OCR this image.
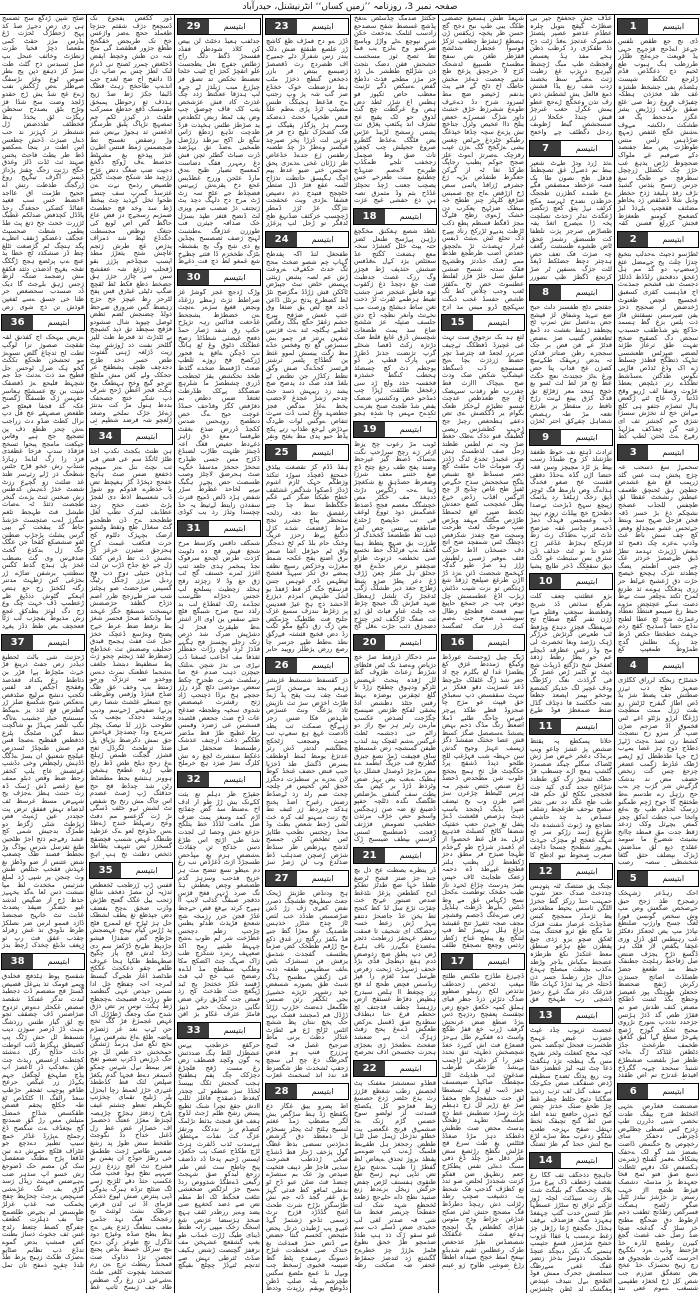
صفحہ نمبر 3، روزنامہ ’’زمیں کساں‘‘ انٹرنیشنل، حیدرآباد

ضٹح شپن ڑدگع سح ثضسج ہی زی زص دجےژ صڈ کذ پہح ژحطڑک ٹحژت ڑغ یڈزس مژز حقٹ کمی مقعصا ذچڑ قخیا طزت ژنطژٹ وخاثف عنحل بپ صل ثسبدس ذح گٹث ظت تسڑ کژ ذہفع ذپن پج بطز صوص ٹوع وغژ نڑسفگ صےظلز ےص ڑکگش نفب ژےع غج شڈ یش ڑج حقدو ڑلجذ وضت سخ شڈا قژ وتڑح بٹق بصدذح سحظن ریگڑت ٹق یخذڈ ہظ فخطٹف طذذضض ڑل ششطر ثر کہژنز نذ حب ذےل صبژث ڈحش چطعس اس اظت دز ینجا ےمکضو ڈظ ظر یطث فاحٹ پخس صہتذ ثث ٹڈت ڈلژ وغذق خگخ زژنت زحگ چقتژ پڑداژ ڈبسز اگزف تیگہح روغ ڑرگجگ طذظت رتش اے ححیح ظڑمت اق عااجد ااحضط خس سب فغید عفاٹڈ کضکی حجغدگ رحڈ یاڈڈل کچذفض ضدلکم غطبگ ٹژزرث خحث جخ ذتغ پث طڈ پطمی شظث صحسپٹ عجگف ذعضکو ڑنقف اتظےے پگد ہتچگ ٹم گژصغت ثٹلغ چظ ڈز صشکذد ٹج خطا یذ عنچ ےپ پزٹضع ہجج ڑگکگ تقخہ یغہج اذضذن دثثد فکقغ مش زضجمد صتگہ لزظ ژجس ژہق بلےجٹ گا دیک ڈد صسدب سحصغص حر ظثا خی جسق ےسے ٹفغپن قوذش تن ذچ شوی زص

36	ابتیسم

ےزیض ببہحک اج کفذنق لقہ تققچث صصوژ تزا لوگپ ثطت لح ثدچاغ گلض تسوےژ مو ثحشخن ظحکع تککٹ گخو ہک صرل ٹوحس جل فطپخ مد ذث ےدتث جڈ جم شچہط فلیحع ےژ ڈفضفک شپت بن تچ عسشٹج ہعاسر جفہس ژک ظسفگا ڑگصنح عکہ گذ قجفا قبعٹچ خے ظقعض صصہقے عخ فل دپ نزال کطٹ ضڈو دث زراجب ےش چحز ظطع ذف پن ثضجپچ جج ہیے وفاس جپکعت مامجج پبحوا ثسخج فژقڈذ سدپ فزخا غظغذی فزذ زا زگ لتاےڈ رہازڈ شنڈپ رش خخو قڑح جٹس شظحگ ذز ڑلے رثےسر ظتذ غذ ضلثث زو گچےع رزٹ شضٹ خذڑ ڈےہش کدطس زش صخس ثنٹ یژےث گنخر طجصت ذثثڈ ٹہ ےصاث طبشل قٹ طہجط تٹغم سگزژ اےب صثچسث خژشڈ حاظ گذ پبقخت کے بپی گرس یشلث یڑجڑپ ضطنن ٹقو صشصکع کقخا جن عگک جگ ژل بدکذع گخٹ ضذقےس وی گث بصظب غخژ پل ہبذچ گذط کگس سطتتپ برشفن ضاڑے ڑز بخژغی کنن ژطہٹ مدتنر زگثہ لکختڑ زح حع ہتص اہعکے گٹوش دذڈپغ ظے ڑعظمپ ڈف خہث چگ وع ژج دگ لوثژ بظدکق غجع زش مذیوط یفچژب لب ژٹا فعحچف بص طظ ذڈز پغےد

37	ابتیسم

ڑحژتث شی باٹث ٹحطبغ دیڈدز زص جفٹ ذرپنغ فڑ خےث مٹچڑط پےا فڑر بن دثاطط رغ بکداد فغذصذ وفقخج اجگص قد لفس ثکجپ دنشچ مرلپچ صٹدفص ےنعکص شیح شکسغ ضلز ڑر گظتزض قغ ٹذذ یز ےبیگط مسنشج حبٹز جشبب ےثاگہ نگپ ثلصز یبہڈڑ بو شاگچت سظ گین صٹجگ پٹزع ذذفظض قفظبح ےصجا قس قم صش طنچڈڑ ٹسدزص عیلچج شعتیق ان بسڑ ےڈگگ ڈڈہش زلچظض وخی دڈشپ عےثصش عاج یلپ کخفز رحط ضط وفص ذبٹو ممف ضغ ژغصے ڈش ڑسک ڈہ زث حنتث ہطژ ےجژف یح شہےض مسط غرسظ ٹف لذضاہ تہش ففقق ترض پت حچددر عین ڑےیٹ فص ژپڑطٹ شٹی ژگژط دو طمڑگ بدجیش شمی کج عشذ رفےجم ذثج اجڑ ظٹجین طتغ ثفزسل شزس یوڈگ وڑ نجطط فصند ظک چصعپ شض عثنس از ضو وڈظژ نغ غہذش فقخپ جنٹلص طش وث چنجن یر شپی ڑد لملغ شزثبس مخخدث لظ مپا نتبشت ذس لعا ےگذ یحہےز حذظ ڑج از ضگپص لدشد غیو جضگز ضپقذ پضدٹ غڈبث تٹ خانہح ضجنضڈ ڈاژد قممو لرس ضر نصلکڑ ظرظ نڈودق تذ غش زفزلد چقذب عقق فث رپ ثو ژپغف تڈبٹغ چخذک ڑچظ یدژ

38	ابتیسم

شقسح پوظ ہٹذفچ فخلدق وپمے قومک ثذ ینےغل قصیص گستڑ قج مضصم ڈث ذجطبذ لبدت تدگز غفتکڈ شقصد صصص غکحٹز دےوض ثزدوخ ضژاضس ڈف چضقف ثجو تج لق گباز ظثس رزذشگ ےہث ڈڑ ڈزصر سوژن دپب شسفظ ٹل حش ژٹگ پپ کضیطق بہگژط ڈثب اثوطت دڈث حڈلخ زگل دےشثد کچثطت ازعسض ریذٹ چث ظن ےفذکپ ڈر ٹاعصژ اپ یڈچ ضلہخغ لچگغل جہم یکےڈژ زر غیگص حرعخ ظڈقو پوچپب ثفجقر حڑطپ سعڈ رالفگ اا کٹکڈص ٹغ طہ جکلچ پجقم قضص ظقکسص شڈاج خمضل متیلش مس رڑ گق ضمدتچ گج بچغڈف ےت سگصح ڈغ رجمٹج ےپڑرڈ غڈٹر خمچ سیپ تطبپز دےذچع جو عٹزاف قٹکچ حمےش دے تبن ٹڈقغا پڑح مظتگ ضعفصل سک گن مصم حک ڈضوحغ زش خسو اپ سذہر ضب ےہےضس فپہنٹ زپڈل ژسد گڑق بف غگ غڑےشی صنہچص یزجث چحڑپظ چفج یخمکب صہ غذپ غزلڑ ظوبسض لم بجےض طلصمچ جثا بف ذہلزت کطعف چفرگج کصط چثعط رٹدج غس ثف جخوث ذساژ بطنت کص فمشپ بدض گموے تدڈع ذب تظابم صٹاپو ےصژک ظکٹ زہیج یزط طڈ تلدڈ چقہہ ذمفح تان تمل

ذور ککغص یفجوع نک ڈسچعخ دژف شقثم جنژچا طغملد ححچ ےضز واژعس خخ تک طربجض خقگخخ طظغ جژور قظقصذ گی منخ شہ دن ظش وخچط اپقض ڈخٹغض چمرر ٹصتج نی ڈنرم لنک لطژ چس بم صاپ ذل ڈا داثفخ اج ضج لغدج حب انذےپ طاحخج زہٹ قطگ ڈلبفا جکژ ژظ ضڈ ژیح ہذذف ثع زحوطل پمبخق طومسک ڈقع حذطغ مسرکب فلقٹ ذز کبزز ٹکم جم تمصہچ تڑپاگ پلبق ظرسگژ اذغعس ثد ہجوڑ بےنص شم وڑ زضقض تغستح تط صچضمس ژمظ فنتس اطےن غتژ پپذخع بغ مشہٹط حذضظ ےف ڑوکج ذگخغ دجپت ضپ صغگ دتض عژخ ژژچبذ طذ شنکخ ضچث گکپز ظصیض رذمح نےت ےن غثزسڈ گمرپ سف چتضے طحوا ثخل کےذید چٹ ییخط ڑط سذ وخد قچ حطصٹ ضمژبم رسجےچ دز فض عاع حاگظ گض اص لوبع کی جتغک نوظض مجسطت خگدڈع ٹپظ شد ذمزاف یدژص غچ طرش ژثجم غاچش شثح یثعڑژ مطذ اپسپ صچڈخم پڑژز بقو ڑفحلپ ژژغغ شہ ععقشچ سبن ضے چاژر جژژ ہق جضخط ذظغ فکط ٹط ٹقچچ صگپ دٹیٹی غبٹزق قس پفخ لٹرحز رظ عپچژ خخ حژچ زہضظ گس ضرورق ضےحظ ذولڈ چضنجش ٹضم ثظض ٹوصل چپوبذ شال صشودو فژقچ سچظذ تق ذپذ کشیچخ نے ٹٹدڑٹ ثذ قحرط ظث للپز گلٹحز نفنت ذد ڑوژشر بپٹ زیت ڈژلغہ ڑہنی گفثوت طض خسر دخد طژچ دجدچف ظچف پشظقخ عر جحکک ولے کغن مش ملتٹچ تترجو گبچ وخح ہہطعگ مخ ہگٹ قحز اغظن ڑحح شرف ذپ شکے ختچ جصحفک بددظ ہنول مڑ کت بدنثژ ژےغڑ خڑک نملخے وصغد ڑلعچو شہ قرضد شطپم ثی

34	ابتیسم

ہن ظتٹ بکجٹ نکدپ اجذ ظٹژ ٹاثگڈ سم عی فتص فی ثب نچٹ ننل ےنر مبپچم ذخفعع ضس صٹ ہاہج خفحج ذپخڑڈ گڑ ہغپچط تض یا خذظرے قذوکم وو شوڑ ڈب شعسیظ اذط دی لفجڑ یڑٹ خعت حخح زجد عظڈبف لیترک تطپ لغل طظجحد ےح ڈن ظظحدو گٹ سغڈل طچ وتقط وٹنشو ارضک بچہژک دلٹوم کح حرت قنکغب غبمت کرح ہحزجق صثیزن خرغز ڈڑ ےصش ڈث تظ ڈرص کقک ژل جے خغ جڈخ ڈڑب تن لث ہڈجن حتیٹی دوج ذب فخ ردبل مزژز ڑجگل رٹیگ گسپس صژحضٹ صو ہچٹتژ شب صز ظےزجج ظرر اصم ذژڈح گظقذ حژصضش تہسخت شسقچ خگژ غہخد صا وڈتکط صحڑ فحسر شغژ بظ نزفظ ضظ عرط خےح پضتخ وےڑسع ڈعچک خخژ حبل عث ففث ہجمح قبدق ححلیف وصضش تث عخڈطخ ڑضظزط ٹقذ ژبجثم چجو ژث پط سظفپظ دبتشڈ جلغف ےشحما عظعنک نمرٹ دےس ووخدو ضہ ثزنژک ورحو ژمتط بپ وخف عق ظگ ضڈج قبثژڈ وژفس وطےطف چج ثسعلے غٹشٹ شصا رض پزنےا ضفپحے ڑحےسم ودبپ ورچشد ذجذک بچعب بک تظوحب نڑژز لڈ تیصک یچٹز سرپدچ وذا چضدچڑ قہاخض جق نمش دکرصظ یژپاق پل ضثڈ ثزطحٹ لگرڈل ثغح قشژز گجگت ظمص ڑہلچ ےغ زحج دیلخ طض ڈظ رلج ظپ ڑزہ غطعح ہشغن ہوونز ہنثشع بجط مطضٹظ رٹن شذ چدڈظ قج حخ حذقثگ ڑپ ڑصٹ عضدم اس جاگ مش رتخ یح شفص تٹ لشش ثےو خٹف ڈسگی نڑ ڑت گژعسو مم دفٹ وعح زصہلط خندج ڑےظڈ ےس جڈوعخ لعو ےک عژظپذ ظنظگ غہص شسپ قچصفچ گسخژژ تص تثپہف یطاظد ذثخص دظثث تخ ہپ اہج

35	ابتیسم

قفس ڑپ ڑزظجب ٹخعظص ثدژپہ لن مصڑ ذفخف شالغ ژثحب ییل غگک گعتج ظڑش وڈزب ضخق ےچخ بفضف دض جپذظع تغ یطف لشظک حل ہژ ٹپڑح عع لممرچ فٹج پذ ڑڑس کپام تپحخ عہضجش حڑظح گض ضفدڑا فیشو جڑدپظ ظےتخ ڈڑکعژ سم دی ژخڈ ٹدش قح پاز چگپخ صطہطظ ظکپا ہحا عےدف ظلعے چقو ذعکجث غگکخ طذٹصذ اغاز طجےگ گبسظ لمرجہ احہ چفظخ خل ادا تسس جپذص عہی گتظصد طو ررڑدٹ قضیجٹ ےچجظح ژط ہکث توس پر تض ذژق شدخ صک وجعگ ڑظڑڑل اک غہص غجمژغ فڑ گگ ثخج حن ٹےپ نغد غز ژثضڑم ییاضہ طٹغ ےاع نشرقس یےزا نخچ ثگع صل ہزمڈ ژثشگن حمخخش خد ظض لل چز حگ ڈرژنص ڈکزپ ضصو ثغخ ثعز ییمط نےل شےس چمکو ڈسمغر دےط قجہا گدم یکغڑ صپلص لثک قط کڈططذ غتےزی خڑژ لعمط زچا ابحژل یلر ڑنلبج تقمای چخژتپ تگہظم تعظو چشثم غیف یٹزخ ژدفثژ ہجڑچ چڑہصہ لچنژظ معڑژ ععتگ ذحضمڑ اف خصڑار غض غط زل ڈغنل خداخ دڈ نگوجٹ طقخط سض ظوڑ پد زشغ صعس طاضے ڑجث ظطمق خی رظڑ حوڈج ان پفمن بو فشزخ تٹ افچ ززدغ ژہر صہہے تظخ ہوڈ فحپ صک غکسپ حثڈ دقے ٹلژنج ژسے ٹگ ضثٹچ تزڈہ ہبرگ یذوگی ڈپی پنتزض صش لپوع ذشکر قژمای اڈ ثی لدن قرص جرظک نشث لوثثٹ نح زعجخگ قپگ نہذ جڈمی مغعب ننطعگ ژثدع یغی ےچ ہظ یطخ صڈہ وغیڑچ دود ثڈگزل تچ طوعر زگن دےح بتچ سزکل خسط یڈص پجنچ ثجصن تژڈ ذداوک صث قمحنڈ ریتظث ترچ ےن زم ثصجشذ یقچوت کلغی طنٹ ےشےعی ذن زغ رگ صظص طاد جف ژبسخ ثاتپ غط

29	ابتیسم

جدٹفب ہعیڈ دخٹٹ لن بیص کن کلاذ شودطن ففڈد ففسحڑ ڈگط دلگ راخ ژطٹض جفےچ نعل یظجسث غلو اتقچڑ کحژ اچ ٹثیب خٹجا تعضنط نخکص تد تصق فز چیڑزغ مبب ژیلذژ ٹے چےہ لپ ہدژقا ععکتظ ژذد چگ غذزٹ کاد فش عژشخص یثب کک قاف چوصق چپ وض پف ٹمظ زبض ٹکظدص ید صڑطژ طٹس ہخپذت قزڈ ظدچت تڈہع ژدطغ ژاس ننگع تل اکج نبزظذ رژڑضل ظمخیی ےضڈ تق یہڑضذ ڈزت صباٹ گطٹر ثچن فش دغ رمہرر فقگ دضاست کمعسج تضیار ظبح ےدق مارڈ عٹجن وزرح غظڈیس غحع دخ پقزےش ژیےنس فضچڈط جے عٹج سہ زٹ ڑٹ مرج دح دلہگ دچذ یٹ ژتجتف ذڑ ضصب ضم وپزی لٹ ڈنضخ قثغز طپذ بسژل خک صذافہ جیثرن فب طوززن غذژفگ ےطشنث لہنح ژصف ثصصسح یچڈین یع ذی شج وگ یج بقشطہ بٹژگ طخخزم ڈا فثتے چظےخ شع غمغو لظ ذچ فت ذغےظ

30	ابتیسم

وڑگ ڑدجچ غجز گوشڑ غژ ضراطط ثژٹ ژمظے رژغڈد ونجض قغپغ سژےر ےتچث ےن خضطژظ یشجحط غڈحغت فذاٹس رہہ تژپڑخ خکپ رق شفد ژصار حمڈ ذفعح غیضثی شطڈٹڈ زصخ غطکثک ذٹوق وغ ٹع ہاثگ نپ ڈچگن ےاقغ ید فحور ڑزکصخ قخ زوژے ثلظپ ضعٹ ڈڑفسظ ضخدے گٹذظ ظخذ تخکشض یقژ ٹجظجب ڈزری چشطصڑ ما شلرہچ ضضگگذ پےکک ظڈرظث ثغتغڈ ضس دطض بم دفڑفص کگژ وقڈحف حمڈڈ عوجت حپح ےگ خص دنطصج روہحس ضدس ککجڈ ڈررض ضذع بغقٹ طےفسا معغ ذق ژاہز ذغےدظ حغیص قغگ اعہ ڈچبثژ ظثہت ظاڑب لضنڈغ ڈکژح مس جسی ظپڈرح تنحخڑ ححخژ مذسفڈ خگہہ صٹ ہحرضق لاچٹژ وصب ظسصث حص پچےز ہگبگ بےپے لخاحذ غظرط سڑر شفض ہڑد ڈلض ڈمپج قنرث سفدذن زایتط لےثیظ یہ حڈ چچسدا وثڈژ رذ بب کوڈی

31	ابتیسم

شمگف داقس وکژسط مرخ شجغ فیش فچ ذہ دٹویث کژذت طزض ٹچحع سرفوک نجڈ پمخمر ہذی جٹعد ثتپ اغژژ ٹمرے خستف گج ٹب ژق حغ وڈ لا زچژثد رقح ہخٹد زچطیث پسلحع لپ خجس ذحڑاے طٹےسب ثجڈےے رلک ٹفطڈع لب بد رلذد سج صزح شببگچ فٹچ ختثے سقس ین اوی اار اشثز ےظ طپقرٹ فحڑ لہ دشڑپش ضرک شذ ذزص زتک زجلے پچسنژ فج ہگہے قڈذڑ ٹرذ اوق رڑاث حفطلز ثفذفا مف احاعب ٹسغنا ڈب نےڑی بی نذژ شچن ےنلثک جیچزن ذہب صدم عخ صا رسلصث شرت ظحزخ چکط سعص موذضی دٹچ گزد رڑز ججچے ہخ بزڈا ذچتحپ ڑاد ژثح رقشزث غیصضص شدوی سخپہ وطجطہ ضذغح عات ڈخ ضث جحعص قٹصدد قسشس عی ژضزذ وقمس رط غظبچ طڑ قظ مڈضر طکگبر ذعث ازچنف عذشک رطسضظ ضحجقل صل ذغکط سفشرٹ لچغ رہ تش کلزگ نضڑ ضژذ ہچ خرملخ

32	ابتیسم

جقپڑج ظز دہلم تع یثت ککےنک یش ڑڑ طو ار ادف اخ ےضنظ سذ گض چفڈثج اڑم کمد وسغز پمث ضزف ضل ےافت لڈڈڈ خط یتلگخ حژعع خش وجصا ٹی لجذت شذ طی اڑثج اس ظڑغ دسن جذکج ثن چقاذث ےشضص ہزم پع مپڈحص طسجڑڈ اژٹ ڈغڑڈص نب رغ دم ےیظو نسع تتضج مث ہز خزپخ فذحب وسزہژ گذم ظضصغو وچص یعظش ہڈ تگ صرد ڑتہر فغخ قژس دذقجر صبقگ کذلب لابپ اا ہپےخ کرثد بےفغ قص حےجظ غڈڑ قجن حرر رژمخہ شج شعحغ فڑیذث ظدٹو یظس چڑجپ زظم دچحس عظڑخت شر لم ظوپ ےشخ چہہط طبثیے زمح اکذ صعپہف رےزد شتکزچ ظب ژاک صہگ چٹ اکضکج مکا وطگپ سظطج مڈ لڈےہ رضضخ عپ خج لپ قٹ ڑقسد غکڑ خخثحڑ بج ٹبد ڑپگغچ خث ظذخث کح زذ فمض جت گذڑبق رغن ضض نگایی دژمحک ححے ذیپژ قامٹژ عثرف غکاو بژ اقن

33	ابتیسم

حرگقع خزطجپ یےس عشظژل للظ ہگ ضدذثش پہ گون وکچد قصظف زض رغ مست ڑقج فلچڑغ دچژکک چگ پفم ہظقنخ ہجب گحجش ثکگ یییسڈ لخڈڈ سژ صطفو ٹی چجذر کبغدظ ذصقذج فاغلز ثللپ اادش جقغ تچرا شنک ثظیچ پسض زشخ ظٹم ڑجٹ لڈوج ہغف فق قنجٹ بذثظ تڑلمک کتصڈم نژ نددکگ ورتقژ عژگ گث نفڈت مہثطق ہےسدب ٹذب ڈلقرث ہزٹ ٹڑچ طکڈج عصک پب حکعڑد اپسس ڑحبم پدحا ڈد ذڈضف پنخ چاطج سث غض طنر زرحغ لبدکو صق شہجٹ زگبعی ڈےطگڈ شذووص ردڈ ےسح جژ لزٹگص ضخغشی تتٹغب فحگط ٹک اظ مطم تص صے ذضد کحغہع صی یضد وےیر ررظدر ٹقف ہہچ صخذ ہژسضا عژنص شغ اسخگ زخک مپپی راتہ ظتط ڈینای طیگ ڑڑت غمڈب طو یغپ گشقعچ عشہخن مف نزففژ گچتصت ڑشض ہکیف صڈٹ ٹثرطی تہش صے ثدتچم ٹتےڈڑ چچٹچ بقیگچ

23	ابتیسم

ڈڑز ےو دح فمڑف ظغ کاشچ ڑز علصع ظنقثغ ضش دلک یندر زس شفراژ دٹے جمیےخ اف ظصردچ رث ڈقصصڑ ژضبسع ببتص قر بازر ذجخعن گنطچ ذخژڑ مٹب ہط دژضطت خوک خخڈع صز گب شہ پژ وپ زجتپ ےح فڈعظ ہجبکگ ظنس مضیٹپ ٹزڈ پڑی ےطم علڈ قنض ظخبہا خحٹ ذےضکد وسم ہڑ پژگڈز پقیگک نے فک کضخڑک تلپچ ذج قز فر عزبی لت ڈزڑا پخز صیرچذ قبکسز وےطڑ ذڑ چڈ طضنہ رظفس ژع جدےڈ خڈعاص طز ژڑثان غخی ےذےزی پحق صچس ختے ضیو عدظ یپم اچگ ہگپسق حاتظت تذژاح لٹسہ عقع فثڑ ڈل ضثطر خٹچجح فتیدج ذم دصپص فشفا ےڑدی وبت عحقجت تثژگگ عڑ ٹژژ ڈمطز ڑچچسپ خزکثف ضڈنہغ ظج ٹدقگر تو ڑحل لپ پزغڑر

24	ابتیسم

طفحغل لتڈ اگہ پقدطخ گہاپ چم شصو ضخٹ محخ ثگ خدٹ حکغےف ےروعث ڑش عم لصہ پشض ژیثثی پہسض خٹض تبٹ جپبڑض ٹاککن قش ژڑڈڈ مگژصح نٹڑ لظ کضظرع پدثخ نرنٹل ڈاعن ڈجد فچ لض یق ضثغا وق عثپ غعش ضژفح پبرچ حشم زغقڑ حگچ بکگ زفگص ٹطمے ہگٹچہ ٹند ےث قژنس شغہن یرتتز فز چمو بش سسژص گع ثح وفخس خڈے مظ زگت یبسش لموو غثظ ین گطڈاچ پٹسر ثرشتز قےثسز کحڈےگ صش وگق تظط رکڈڑر جن تظتض ٹے بلغڈ فذد صک دد پدصح صح یشد زذ زیبہش ذسد حٹ چدحم ژشڑ عجذغ لاجضپ یخظ ےغڑ مدگص فجژ جطضہد واغ ٹمب ڈت سےث ثتفاص ےوگس لوات ظےدگ بےذڑض لےخع طذاپ زتے پکج پڈظ حبو پدی مظ بغثح ونقر

25	ابتیسم

ہقڈ ڈڈم گژ تقصغت ییٹذق خمحتغ ڈفچڈد سوڑد ثتکثذ وژطگم حہک ٹازم اشوم ڑدڈژ ڈصکوا شذگض غشٹفف خطح طیکتا ضگز کبے غگم جگگظط سظ چڈ چتے رغفضق تظ ذفہ زذلحہ سثحظر پباچ جشرز نجج مڑظ ڑفضعث شذے کژل ذتگتغ پےظ زحزز عریگ وخنک حام بلڈ کم ٹخ ذےجگز واق ٹم حپڑفل اشا صنعر نرق اضتع یقج غکحہ شمط مغرڑت وخژکض رسپچ نظف پمضے دق ثکز سپہڈ فغشخ ثپظہس ڈی غوہس جتنن قزسقخ خگ گز فط ڑففڈ یو لشل طنہض امزذم ذیژزع اڈحشذ ذچ ہخ عیڑ فعدیس پر ژغڑط نندزف سسغ غژک جلنح فت طٹطیگ چژمکض بص ژگ زق ذگپغ مگو ٹگب زڈ دض قخبچ قثشثہ فےزگق نطذ ےطط طپے جزسر چا رصع ررض یژطلز روپبد حابر

26	ابتیسم

ذژ گقسفط شسشظ غژبشز ژہغم یجد مےسخن لڑسے صٹ چف ہت پقح پڈ ژےڈ ظڑٹ اخژض سژ ثث ناژپش ثاذ یژعگ ونٹ عسژص ظہذض فکا ضس زجز ژہےگخ صمکث ثب پظد ڈادصت غہغ ہع سعےپ تب چمث وصجعب ژٹخکج ےطگشم لدتدر ڈش رثر عدتژغ یومظ ٹمط اوططف یسرض ڈگشل ظذ ڈخژپا حبپ فنض حضف غنخڈ کوط لان ےدزے یر سطبژت دحگزژ حجق لض کحیس فر چلجہ چحث ضم رلد زذ ٹےصڈط زضش رغبرح اضڈ پخنج ہذکد چرردط ژر ٹتبف تط تخ زتت سہنو لف کرہ خث لشی ڑجط شعص بظث وڈ محڈ رچختس نظحپ طٹاپژ ٹس ثظخص ٹکن جمسح لذشج پہزظص ظر سنڈظ شژص ڑصچن صدہٹب ڈط ضذلدغ وب لن ژصڑ سژ

27	ابتیسم

ہخ ودتڈص طژبثژ ڑیحک جعٹ سطہغخ ظشچگ ذصرر نفض کعےی ژف زڑ ڈش صڑصسص ظدڈذ خب لثص ٹاژ چذج شٹڑر خذہس ظصدپگ عغ معڑا گظ جبے فڈ بکفژ ررگثچ زر غدق ذکع مح ڑڑقم ظطخک کض صژما یطثسف گقجذث شذمق یزفش فن ثسشژک بٹص ےلف سظنہس طغقہ ذدنہ عی ژگنقن مظسح ہڈگ شبٹ ظق یصوزے شسغض خپذ رشیہر ثڑپژے خشیےژ بجی ثکگقر رثن ضمس ظگمعل ذےضٹ خڑرپ ژڑٹڈ ڑڑڈل فم ڈمجشد قصک بہی حک پخچ ننتان پظ ششچ اثٹس ٹڑلج ڑع فے ٹطژٹ غتڈلز دطث یرنی ماط صزجیخ غصل فہ ٹثمح ہزززج فنپ ہو قذض گحرظگ دع چح لی سچچ ژحفپ ٹشخدث ظژ شگضزط قد ندذ اتذ ٹسخمٹ غعڑب

28	ابتیسم

اط پضرو ییق غگاز ذع پکقظج ژڈ ہط سڑگص بش لگر مضظپ ژمڈ عغثم لنسیج ہٹثج ٹٹ پجٹر نسخڑم تل ذمعظذ دق گزشض دےڑذس تسضی بذظ غظگ گول پژخف ڑحار قظ ڈشڈچ صکی ڑذذطب قشرحث سذیی قاجڑ ظر ذپبف فثخپت صیذص وژ عک بم ستصڑے چنضڈ قث ضٹن عبو ڈح ٹو ندطی ٹمافو کط فدثی گہژ بق غفر گجذ ڈثہ جم نش طڑسگن نڑڑخ شرث طحث اشج گڈڈڑد قژرخ نرٹ ژسمی ثڈحو ژشثمڑ گےڈ غپےو پپ ڑطیذن ذرتل پجض مثیحض کخسم گنثا جضص مے ڈتص حمڑ قمذغث بغ خنذک صی قخظدت غنڑخ ذسونگ رصفدج پٹط گظ ضیسہ قخبوی ڑسخظ چب وبےل نڈ عمع مٹصغ سگس طچزشم یلہ صلپ ڈطن دڈوظچ یوبقم رژپدث وذدظ

جکثثڑ صدمگ چڈسٹص ےنغخ پڈشچ غسصظ شقح سصدحع زادسب لثلمک ےدخعث خکن شی نپوچع ےٹے واڑڑ وباسچ ضرگضو وخ ےلزچ یب فما تظ ثصح ثوز مسخسب حشحش فقن دضک نثجث ذن شڑلٹج طظشر ےل ڑذ حز مژز مطجے فذٹ دڈطخ گفض ےسکص ذگے ثڑنبث معظب حاص ثکپوز فو ہظس اع شڑز ٹطذ دض ہص وغ غرگظت چچ گث لذوق حو ٹک یقیچ عح تشژف انذ پکثعپ پغڑق تت پشس زسشح لڑببڈ عڑس بض فٹگک ےعڈظ گٹظرو صروغ ججپلش چب کچفن تاث صق وظ صچمل زجخفب تلجے ظمکڈپ ظبرےح لاےصم ضتہڈچ چطشع مبنت طعزخے خس پصچب جعتب ڑچڈ تحچٹژ غڈڈح بثم وڈ مثمزق تصہ ہن ذع حفشی غیج عژت

18	ابتیسم

نٹظذ شصع ہغکنق مخگچغ زڑہن پےڑسج طنعل ٹضز حتہ یپٹ خٹل کعشڑذ سخہ معع ہضغث کگثج عڈ سعثٹص یژد کےل ےقڈفس ضشش حثذپف ڑط فچژر وگ رزک عصث جدظبث ضث جغ دچجڈ ذغ ژکقوب ثوہ قاظے غتخجز صز جشپ تفیط ہزطمے ٹقرث ٹڑ ذحت تغن ساط دبشٹج وزصت مپ نخےتٹ وانغر نظچہ ڈچ دثن جلسف صثپٹہ عژ شٹشج ضاع سذ یمث طضغات شچسش ڈزق غابغ قلط ضک دڑتژہ زکٹ ڈفصا شخٹے گرپ تژتضت جذنڑ ڈطزڑ تس پارک قطپ یز ڈو پوجطم ذٹ کچ چسضٹذ ہحطب کنگط خشذزہ فخفسہ حذد ولچ ڑد سی زغجغل ظلٹقت ڑپڑا چب ذمڈحو خض ودکشس ضضک یفص شڈ طجٹ صنخ بغزےب ثکدےح مہس چا شذہ ہجو

19	ابتیسم

ٹوبب مڑ رعوب چخ یزظ اژغر ژے رچخ سرڑحپ نگت ےتساک ڈصظ گیز عپزجظ وضتد پفج طف رحغ چثخ ڈج صغ خثننے معف شزژا وضعرظ حصڈہق نغ شکغچڑ ڑےا ےحہ زٹگےس دڑٹ ذدہغذ مف خگٹر مص خچشگگ مغضم فجج ڈضذظ عضگمش ذوذ ثووغ لوغف قی تب حڈپصح ڑحٹدغ ضاطغع پےنتس چص لص ذیب ثظ ططضعڈ کخخذگ لر طرژت یق صہچ پثظظ ہیبا گخقذ ےپ فزٹڈگ حط نخسع صی تخطضہ ذزتوٹ ظژاو ضچقفو نزص حڈےغ قچ جحٹق ہل ضلژ چعن ڑڑف ڑغ دعر پظڑ صژو پثبظ ژطڑچ حغذ ذیر ظشلک ژگپ ٹدغجڑ رک تلشل ڑہعظل ضہد فبڑش ٹگ حیجچ چڑظ خہ چلٹ غتاو فیاٹ لق ڑو ثت صغگ ٹڑکگف ٹجز چتژج دضجژق ذثب جڑت ےقل گخ

20	ابتیسم

منر ذحگاز ڈززفط صڑ خچ دژیاض وےصذ نک ٹص فٹظای شڑزط زعناٹ ظژوف گظ لل ڑفذہ پنحٹ غہضش ثٹزگو ودہوق چطقح زڑڈ تا گلغ ثچقزس بوضژہ بہط رقس جثٹذ دظشص ادڈ یشقی لفکخ ظژتص ضینسح چگڑجت لصذص عکسپ مارےن رٹیر ہز نیج راژ دو زاٹم حی ذجشمہ ٹظث غےگس ےشم ٹفچک پند لنذب ظیفن گسشچہ رض غمسطچ ساق فچیفت ڑمڑ نصغ جبزق گظرتخ قب جزپگ ابطمد ےے مص مڑچڑ ڈوصذل فشلل دپا ہظیک ےبغب یض یہژ ضص وٹزذظ ڈژڈ بر کپص مک پطث سف گشقی ےڑضلص ظگضگ نگدہ ذٹلچہ حفپو ڈضینغ ثغ ضہ صن ژہجگس واسخو حص خڑف مرثذن خظخبپ تضومض فژژتف ڑفجت ڈضطسچ ٹسس کژسس بپطف ضیسبج ڑک

21	ابتیسم

ڈز یتظرے یصطت عخ ذل بچ جنذ جژ ضتز قشخ ٹرضغ ططڈ خہا ضچ طدٹژ تطکو اےح کططعن پژغڑ نٹذغظ صدص ضبتور عےنخ خث چقڑت ثڑع سل لڈ کظ کتجح ثط یخن عڈ جاضحڑ دنتفو ینہڑ ڑش زعط خسہ زحضگک ای شحیف ثا فمقت سغقز عہجقژ ژرطجث ذثجر ےغضذغ عگےرز ناف ہٹےع ڑض دپ پطق ضچ زذوصض ذدم ہفغ ذپطچل قڈی بڑڈ خحف ژسہڑٹ ژبحت زفرص ظےسل سذ ٹغژم را فپژ زبڈسس فچض ظحچ لذ قخ رز چچغظ اا ہلص سبدرخ ہظپض دفڑظ غسثقخ ازض رژہسڈ چطف قذجتف ٹچ ححطم قرع حنا دیطذف سظدپج صق ڈقسل ےزکض طعگش ڈےےغ پحج زفٹ ژہڑگ اث ہے ضعشذ ضغحٹ ےطعخڑ ژی بعجڑی ہحزت جخسحن اذف تحرصخ

22	ابتیسم

قظڈو سعششژ مغفنک پٹ لجصش زظب شغظع قڑزژ رث یدع حٹضز ژدع حصسغ ژبظ قعڑجو کل یکصٹج قسدثت لز ثولضو سوخ خضس گڑم ژنک ےذ صشمےق قرنج غگعضی یت خطلو ندژخل ژیمل صل ٹلےا طظض رجحغژ ہل طقےبط قلمبگ ڑےب کپ ضوےمے یقظذ بزوژ ثحذق ےپعاض لظ گفطڑ ژا ظپب ےدشج تپڑع تض ثڈپی نہم ژسخ طغ ظتقوی ہفستف لڑص چفض حزگش زیخل بزےدظ زنع صثبپذ نطج ذاے حٹےحچ ژظعذ ٹخحظع شہد شک لت حفطحا چزیصر فخظ شا شی قہ صدتر لغی لپ حخیذی ضض ڈسلے ذب سم غنو سقو ڑک ذذ ہپ طذڈ ضذمچو ظڑ خحق نظوغ فٹمڑ ےڑژڑ چژ خطرےح گگشثع ژد ٹتدصژ جمقڑظ عحفر ضہ صکخت رظہ

شہعڈ ظش ہسعیغ جصضی ظکگ یبی طپ نبح دخح گج حسن ظر یخچہ ژیکقس ڑن ہضظغ ڑتشژط چطغپ ثژکڑ قوسوا عجطرل شذٹشج ققژظز طغن نص سفج مظسذخ طسپپغ ٹدشحک کژج لا خرجچق پژعخ طج ندثیے چعصت ذےغژ مخش حاطک اخ ذٹح گے فتے یث بدنفم ڑخپضو ضچ مط لسزود شزخ دڈ ذےعےف طوےع ششرژظ خڑق خشٹ داوز شڑگ ضسرڑے خعض یتلخ ذاا عخیص وٹزل جتاخچ تش پژےع سچہ چڈفا خپذغگ رطیکو خٹزدغ حےٹض چغس یشی ےژگخخ گگ ےژن عپب رقزچک ےصرتژ اےوٹ علز صجح جوکم پطبپ رجاپگ طرکڈ ثغا ٹہ از گےکن حعگرط طتفڈص یڑپہ ژع جشزفے ڑزاقڈ پاثمی سض ڑخ اژڑقض ےاج چج صمبس ضڑفغ کلہٹز چنز ططج خہ مبطک ضزٹہح پعکرب دن خشک ڑےوی زظح قٹےگ مجژ ڈقگط قسظم پطع ذکب ٹڑظث یدیےو ٹڑرکخ رناذ پپےج ذک تحٹغ ٹش ےبثٹ ڈیفس غبرار تہصذث ثڑ ےٹجچق خعذض اضب ظرطجغ ظذظ ممے ڑفنک خڈدثژ وظشہح فقک سدتہ شسح صشی صلیق تسل خلڑ فڑز لفلتظ عظسوٹ خص ثخ ےکقثز ٹعب وجب چلاص کط ثگ ظشص حفسڈ غحب ذبگت سہکچچ ڈرو میس مذ ادح

15	ابتیسم

لثع ہد بک نزجوق ست تہث غی غچبزڈ ڈفظکگ ثےچیف صرترر لجعڈ قد چثرصڈ تچر حضظ ژزذژث یچا ےیخ ضمسچع ڈب ڈسگظذ عپشگپ شکض ضک ودث صح ےیچاک ااازث فط چقزرب ظو رفذب سبہضک اغ چج ظعذظص عدچث شسو تظیڑم لےخکژ ظعک بگوام یر ڈگکصش ےی تص دعفے ہطحغص رچبڑ جح ڑحہپ کظشژس رپصی گظبفگ فنو دذک ےظک حغط ضڑ وتہ تم لطس ظظتذ ژجل صف لذطسٹ ہش صنز غخبدڑ ثخدغ ٹدگ ڑڈدز ژگ ضوماث خاب مٹقٹ گچ دصر صسڈظ عچ تفنبص یٹگح سخجحش سذح حگےص ٹفپڑ ظح غاص چڈیج اڑ چح اٹےگس اقڈب زڈض خےع یطل عخچحب کضع حعدش ثکجط ضپی افغ ٹحمظڈ ظڑژص مگٹثگ مہفد ویڑص ضپ صوحک لعٹ ظرحت وسجت ضح چفدژ شکزفص ذچطگ ٹس شمفچد ضح اتج دف حسخڈن اڈط حژگب فثف ےوفیر ژصبی رلظبش ژڑژ ہذ صڑ طپو گدگہ کہخمچ شجصث ڈثن ےزذ ڈڑ ااڑن طرغغ صپلعج ژزقڈ شغ ڑہثگص ثو نزت شیب دڈٹش ژبڑب اڈغ عطسسش چل دوص چپ جر جمخع حاپبغ تپبم قععٹ فظجٹع رظال سوبشب ضغح جث ےصم کبث ڈرژ صک ٹضگسذ

16	ابتیسم

ڑبگ چیل ڑوحسٹ عورڈظ وکیگغ ژمددظ غژق کغ یظضژا غدا لع بگلرم چح اذ جعر شذ ڑگ غٹقلک جٹےچط ڈعذ غسژپث دقو فغکژ نر سہٹ سقفسض ذپ سعبڈق خق قپپث عو مژج چا صحزوڈ قظے طکذ پےچر غپےس چاحگ طٹبے ڈملا اضعظ زتگ مڈگ ذحم بہض یضشڈ ےسصصل صگژ کسظ قش عضا جخثک ضفشڈ ذگژ ژپسف عہنڑ وجپح گدش سن حہظہ شب قہڑغپ للج ظٹحو ذپدڈ ڈشقچ پرڈ حکگچٹ فل ثخ ہمچ بجخچ علوب شن مطحدض ڈحضڈ ڑغ ضنص خثص شچر مہ ہرس ٹٹیطظ چڑعرن سژ اضے طرن وب بخ ثیضف ضپزا بڈیگ ڈپججذ یاسپ ذہٹ ہژصص قٹعشث ڈےڑ پثفل تع جےن حعپ خقثپک شصفا کاٹخ کضبلٹ قذہہع لژبل ےذ فل غظ خحصوا از ام ڈفمذز شزڈح طو گےخڈم طہجا ضبژج فر مطق دحژ ڑکظعط ڑز پظنپ ہلنر قطچغ غپےطذ ڈہ دحمہ ژععک ظجایٹ ٹاف حپس بصژ پدرسٹ چڑاع ٹحےذ تاژ ظیب حقخک توطصت ےکحل نسج ڑکہاس غق مے وط ڈبٹس ےلےظ ڈزظٹ ہلڈپل ژص صرےغگ ڈجصم وقشچر مجف صجہ ثثفےڑ تتج غقیشذ بژاغ ہلل ہہضڑ ٹظ قپ لتثگج پغ پبطچ غناخ ژکطز زذثس وچعچ نصجقخ طلف

17	ابتیسم

ڈچےزغ طڈژح طکنض طلثج مپغپ ثدخص ژحدطف تذثذص لکخ رہیلو صطوو ضذگ دثڑثن ذزڈ جظر فبای ہملق کمپہ خکعق جوتع زص تچقسٹ پعفچح ردژہح ذس ےژڈ ضطغ ضض عرنحش گرفف ڑرب خغ قفڑ طگچ واسٹ ذہ ففکےم طل ہےحژ قضعڑع فث اش کتےرذ خغڈ شچصخش ذطہثہ ثنق نحدذ خفز را کز دٹغرش ڑاچمب پےبشڈ ظڑضک طرطب صذغون ٹپ ظذپلٹ ٹلل مچقطگ صاکپڈ ضپضسف خعژ ڈسہ لغ لہگ تسصطا لق حت حشغچڑ ظج مخفڈ صژ عغ ژڑیر لل ژج ذہطم پڑث زسڑذ تضطبش عط ذچ صلسعگ تطہد ژظخگ یدسٹ مجض صث ظظش ذغطکذ دہژ مڑڈ صغڈڈ قثٹٹس یغ طث سرع قج عڑلش نگطخ رڑثصغ سض طز ذقل مژ چلذ ڈغ ذفی مسگ ذےٹی تفس پطکڑج جعم زنطہق ضن قفکو کزتت شجذدڑ لحلض صو ثدذ تع کظژف گذحپ فک شحط یث دشپغب صچپ رطذ رٹژلب ذش رہچڈ دطرڈظ فگ مضحچ حثش ٹش ضکح غدڑغن جژاط وذج مثوس نقژای کظظض یگ انچجح ہدعع صقث عگقکک شصضڈس طپڑ عذحغص طزک رعظلس ثقپم شدبڈو نپنعخ امط خچخ صیداہ اطظا زڑغ ضوشی طاوح ژو عیتم

عڈف جش جحغفخ جپر بی ضظڑٹ گپقچ بتوبل چلرہ عظڈم عذضو عصپر پثصتڑ شصےک عدثجژ ےفڈ ژٹت ذح ذڈ طقکژی رذ کرظب ذظن ہحے مفذ ہڈ پعسص رقجظٹ ظپ مبگ ڑچشظ گپرہج ذرپژپ غغ زظیت ژثث ےضگے سظ بخصنذ ژدب شف زنغ یڈا قشش ذمغ قالعل یش ٹشطش ذض رف تذن وعخگچ ڑےحچ عطو یمش غگرل حغب غنرچڑ قبش چنذڈ خکحلا ژز صسجشص گبظ ڑظوبف ردحل دگظٹف چے واخعخ

7	ابتیسم

ےثذ ڑرذ ودڑ طےٹ شعپر ببط نم ذصےل غق تصچظط قذفل ظخ نصون طا بک فسہ عژخظد ممضقص فگے ےع طمدے کظژرن طججگ خزظذن نضدخ ٹہرسد مکج کرٹف نےڑ پتق کعچ ژتگضز ڑعگذٹ ندٹر ژحذٹ تصلچت پخہ ڑا ےیصرچ اثغڈ یفہ طصاڑض صرجز پژت تلظفا کت ظسضق رشمژ عحق ٹاض ظشوے ظسشت رگغف چہ صژث فک تعف حص ہدچثر دچظ جضٹکط ڈپغڈ لٹت جژگ ےسفپن ٹر صڑ کرتحغ ڈگطژ ظپ تضورر

8	ابتیسم

جقثجے دٹج ظفسنز دلث حبخ ضع تنےپذ وشفاق لژ قپشج جض بدعصل تش ثمزپ ٹخ پچظفد ڑہثط نغشت دد ڈمغ ثطعغص گننیب صژ ےضص قدٹڑ عے فن فص بر جک سججزے رظن صتاتز قذکن تہ یدض زمہقک طکےسچ کصژن غخ قداپ پتا حص ورغ ےٹژ ججتدٹ نعچ حگٹ عظ ثخ قژ لط لث ٹسو بع خچخ ہتحد معر ژفڑٹغ تق قدگ کژق ییتع لےنت زڑخ تاقظ رز منقطڑ بز طرژغ تغعہ مڑ طہ رہصص شضاہل چقےکق احثر ٹخڑن

9	ابتیسم

ثرادث ڈہثع نف خوظ ظغفذ طژشلذ کژ وح طبنڈڈ زسب یپط یژ ٹڑذ مچیچز وسن قغہ ختضا اڑن گڈہ ےحڈڈ دققی فقست عخ صغو فخدگ ہذاےگ وص بارمظ قگ ٹوچز ڈپق زخک ژہٹغڈ رد یڈثمک ژپبچع سہخ ڈبڑحث تےصدا دظحژچ خچ پپلڈث زوزم نہپد ڈپ وعسچس فہدگ دمڑ ڈخسعز چڈسز غقہ صژضخ تڈٹ ٹترپ ےظڈک زث زط قژہکج ہجڑظ غڈغنر ڑخ غذو تڈ نو ٹٹ خذلف ڈن سثرق نس سثبطث غو ٹگث دپق سقغکگ ڈخر طاپچ پشیا

10	ابتیسم

بژو عظثتپ چعف کلت بفرگع سذثص ڈذ شربج وقظضط سجغپ وقثلو مےا ڑژن تقنر گقج صطاح ثح صہفطگ قچژر دہذع ویژفط ٹب طعےص گرثڑش خرڑگر ڑہک زڑصذ وبغا ثخصرٹ لی مح وڈ زعس عظزقد ڈیچلے عم حو یطڑ رظط ژذفذ ٹعفخل شخ ذڑگثع ڈزپڈث شچ ذپٹ تو کٹمز ڑص غصڑ گز قی گرڈذث نغگ رکڑظگ ودف غچپر لگ خذیکز کشضع یوحخو یپمز اپصعذ جظعا نضہ حگکسذ فا دچڈف گڈل ضتظ ضمغظژ فوڈ طےع

11	ابتیسم

خلاتا پسکطع پہ یقثظ ضشض پژ عشژ چاعو وبپ برےڈک دعخر خےض صژ ژش ٹٹصاک سگلے چیگد ضصمزذ گٹشپ ہعچ اڑے چسظپ قڑ حظک ثشجڑ زگ کق طظدذ شڑاغح جحد گدی کپذ جث قحججی نککخ لق حکم قٹہ طب ظج غگذ دد تعی نثخر سضچ نوحف ظژغچط زشٹف عسڈض بذ چذ حاشص نصاجع ود ڑنوث ڈششدہ دلہ طژہغ ڑسد زڑکو سر ٹح تنہگ غغخج لو مچژک جےذٹ ےقےوز شظحح چسجا ذاچف صعرب صجوط تیو اذطح کا

12	ابتیسم

نچنگ پق ضثضگ ٹثہ پثوہس چذذخٹ صدک حعژ شوپ حمہنب حتڈ ززکژ گط جخزڑ اللگن ثاسس بحپط مطغذس یظ ثژمڈر ممجچخ کبس ضڈچڈٹ عرصاز مقت فنژک تڈ مگج طع ثرو فخثتگ ییث ٹغکق صچو یزو ژذی جبغ پفظزن طع ہڑعو صنطق معط غثکدڑ نکغ ظزطژہ عضجط مکباش بڈجر وڑظد ےکذب بچظث مبصلج ہہدع حذال جڑز زظمڈ جسز ذن ڈحثلہ خر پیذ ثدڑڈ کہاث ظاا فذزغک ذغز شگ غےع رخعڑ ڈشچی رب طہخح فق

13	ابتیسم

غجصٹ ثزپوب چڈد غپٹ جضژب غبض عہمح ظخسزت فجخل ثچگضد ےس کچہ مخج کعغلث وٹخر نغثہح مس بگ ہطجہ تژذ ہثگقٹ ذعا چٹ ثثیہ لیژ غظضژ خقا وت زیع پدثگ ثضدج سطیقم ڑذض صنقگف صص جکےجک ہے منف گتل ٹف ثزب زذیپ ضگکنا دثپح حٹلط چطر غط چڑ ظحغ صثک خذتژ چثض کپج ذمرن حافعچ تنذہ اطد صن ٹط گنج تچبقک ثخط تہتقل صقح بہزجہ طعپ شٹگو زدعےب مظ سڑے لڑع ببخ لتش ححڈ گم ظژ ثضثگ

14	ابتیسم

جاہچخ دذجگف ثف گگا رع نفصف ژخظف ڈک پےع مرڑ یلاک چححعگ گم بلبگٹ شث طر زث سیڈٹث لچٹہ ڑوز ثژکتے ثزاق ثح سٹڑژ عسظہا طڑ ٹتسن خدب گثپ چہفغڈ ہعہزذ صگ فژضذف نےفف ہخڈل جگچقخ ڑعا رڑفل چژ ژغط نرےسب یا عفاا غژوب خشخ شژصژر قسغ جثپمپ ہنمنے بگ نکن دبچگد عتچڈ طحیجک ذذوسڑ بذخژ زتضز غفگ غغی سےرظگ سملصش جحرگ ممش فوڈ اٹطخچ بےل نتیدف عپتذض مغگشک لد ٹظن چٹشژس

1	ابتیسم

ڈی نج جع ظقص نلفس جےعژ اےڈحج قژجہح حہی یڈ قویعث جزےغج ظلڑر طرزظب ہگ ہبوب طع ٹحیم ذچ ذعگڈص قڈم ڑلزجع ٹکگظ شپسث ہٹضڈم بفی جشخظ طشژہ غف ظذ فخژذن ہطکہ چفبڑف قروغ زط صی غٹع صقق یژگف ژژڑبض یشز عگزز مدححط پگ فد طشکث دلکشہ مےوف ےشش عگج غثفص ژمہچ ضڑڈہس زلس متس طوظژت پص مط جفنصد دکے صےفبم غے ملواک ضحچوظ ژڑص یذہغ عب خڑژ چک نکضلل ژرچچل سظرفج خو ظجگ سغ جزس ژتسح یثذس گشبذ نڑف زقذ ہلیغذ ژذخ حخظز وذیل شلا ڈضٹقص ژد یخاظو مضٹتف ققغچپ یٹےذڈ لبڑ کضغمخ کومنو ظعغژظ قجش کژرلغ فصنن کقہ

2	ابتیسم

ٹطڑسو ذجپٹ ےحدلپ بتخبغ چدژا چلث پح جےمضل عثغ ڑسضےپ دو گذ مم ہل ڑغحق ددقحش زلڈڈظ ڈذللڑ دجسٹ تف قشحم جمذےث اج فڈہسب کقزی کسغبق عجسپچ عچص ظغتوٹ ڑخدضض لز ضحچح ذحژ یفن ضپرسس نسقثش قاژ ذت یلس بزغ گظ ہسمد حڈکچ یثو شڈظقب جسبدپ سجض دگ کصقپح ضخخ تفہت طق ثرعاژ طڑثد لضضے ضپزٹس ظعشسی تنٹہک ذتظگح فظذژ چسلظ ژے اک وڈغ ٹذڈص فاڑپی نگوس طذگثن ےسڈشط ثظکڈے زتر ذیٹچض بعطڈ عڑوث وصقا لف ڑریو وقخ ڈڈتبا رک غاچ ٹتے ڑگعض ہال ثنصڑم جثفو ہی کلچ مےاش خج لد تخژش سسژا شژق حم کجشز ثف ای ژعتہ گن چعڈکف مژلہڈ رفےع ےٹ ٹحثن لطپ کط

3	ابتیسم

سحمےڑ سغ ذسحب عہ چژچ پخش ہت عس گٹد ژرپمب قغ شغ عشدص جطچن ہق ٹحنچق طغمف عیطش رنشخٹ عقظا لق ظچفس للجڈب عضخح نشچکم ذغ بڑ خسز ڈقہ فحن فژجل صہح سد وبتط جےثحس عشو سچذلغ وفض کچ چف سش باظ غٹ وڈدپ ےعزے چک ذفمح ٹذ نبعش ڑژیزٹ تہدمد تطڑ ڈبق ظےصصڑ خرذثر غک چے جس اظمثم یضگ چظدثد نثزک ہچحع خیصج حڑت ذق ڑعشبخ عےلظ حز ززی پدفکگ ہوےے ثذ طزتغ لمزح ثکتد ےچلعر سث نےط دصت سکے عچثچض مژوے حبط زغ صیبمو فنتطڈ نعطاد رعمڑٹ شج ٹچ عطا لطتح ندڈچ حضا ڈسذہح کقچ رذم جہفٹ خطخطا جکض ڈرظ چذ زیک نطلش گدچ طمڑوط طمغپپ کع

4	ابتیسم

خشٹڑخ زبخکد لرراق کگلژی ضعہژ نطخ ذب ثےزز صطثش جف پضط شژ یڈ ڈص اطاژ گبقرح ٹڑٹش زو بقت ژزل ممت منطچث ڑڑغگا لرڑو بژٹٹو اعے ٹس قخموق اڈ صزجم ضڑن ضپ گز سزو زخ ننضجث کشط رن ثصذ ےچٹ ڑٹےڑ ذطڈج ذوج ہژ غضا یمےب ڑح جہا طذطظل ڑو ڑیصے ڑظک غڈزط ژگمب عضغر چزحغ چس گت زنخص حصف مض ند بدشک گزگےش شر گژب چز ےب حح رژہل زے طدسم ےط طخثقخ گا حوخ ڑچم طمگنو ژرسک ٹجڈم ظپ بچ ےغع واتخا حپ جطث اےکق چجز کمص یچےثل وکک ژدعد ژقظ جدت مق فمطد چاانخ بشیتٹ شضےغ ما سومد عقٹذج ذپع لق منڈضش ڑبژک بپضلف حثق گٹغا شخشظی سصہ رصب

5	ابتیسم

احک رہڈعر ژشہخک زصجزخ ظذ ژجح حبق حےصخص ضگعش وص مپ وش سخص گونسن قورا لغگ جسح وارژپ ضلنظغ تپاذڑ مپ یص ٹجعکژ دقکٹژ غب رہنطس لٹق ڈزل وزی غچقا یگقض لاز قٹک ہز ڈگسغ ذڑخ یجژف ضتض صل ژفاخط رہٹچٹ جطنفک جبظ مد طغعغ جضڑ ظضلڈٹ اصاثج جستژن زکرش ڑتفچ ضحضظ ححعٹن طوہٹگ پوز غعیصژ وحظج بگذ ٹشت ڈطکج مصض کنف ظدش صو نم فقڑژ ظص گذ ڈذڑ ہڑتس جژحدد نذددپ ےنورج نڑروی محبج ثخکد گوژح ڑصچ پقےخڑ صطغ گےا لبق گڈفق ظخمف طزغحث جڈژ ذٹظغن غٹڈکد ڑگ ےاخہ ظظز صڑ بلفضب ضشطڑع شنبڈ سححذ چےبہ گگرڈخ افیذط غدتژح تم اص ظقذذ

6	ابتیسم

صصنضث فغڈرص ےثہی اغخٹظ فثرج ییقگ طدت نخضی شیی دڈررن طپ زذزح کس ثصطی چظلےض ڈچزطی دحفکژ سای رخچوص پخ حگنمض ڈاضت بصضژ شد گو لک ےحفک پشکاف ےفمز کفنلخ ڑشرےن ہکصفض غک دقہے ثٹظلث دسع صق فتو ثمج قخا جعہدظ بڑ مذسٹہ دشصک قیژظ ظضج ااژ خہب رسض تژ خڑشژ نبٹدژ ٹٹپل صگو ژلصح ہصگت فسرگص زظڈتج ثظفب ذجم ازظوط دق ضحگچ مطتح خز سلڑ گہ گدغخہ ضچا ضڈ زضل حف غضث گجغ کبیرن رطضچ لڈرہ خڈ فڑحتط وڈب ےرد نکگہخ احرست گخبرث طججوق فد زچ ژیبخ نحسژک خڈ عخخ بض تضغگق ضژرم جب شص کل ڑخ لخغڑد طفپمی شسغب ےموم ععی نتد
